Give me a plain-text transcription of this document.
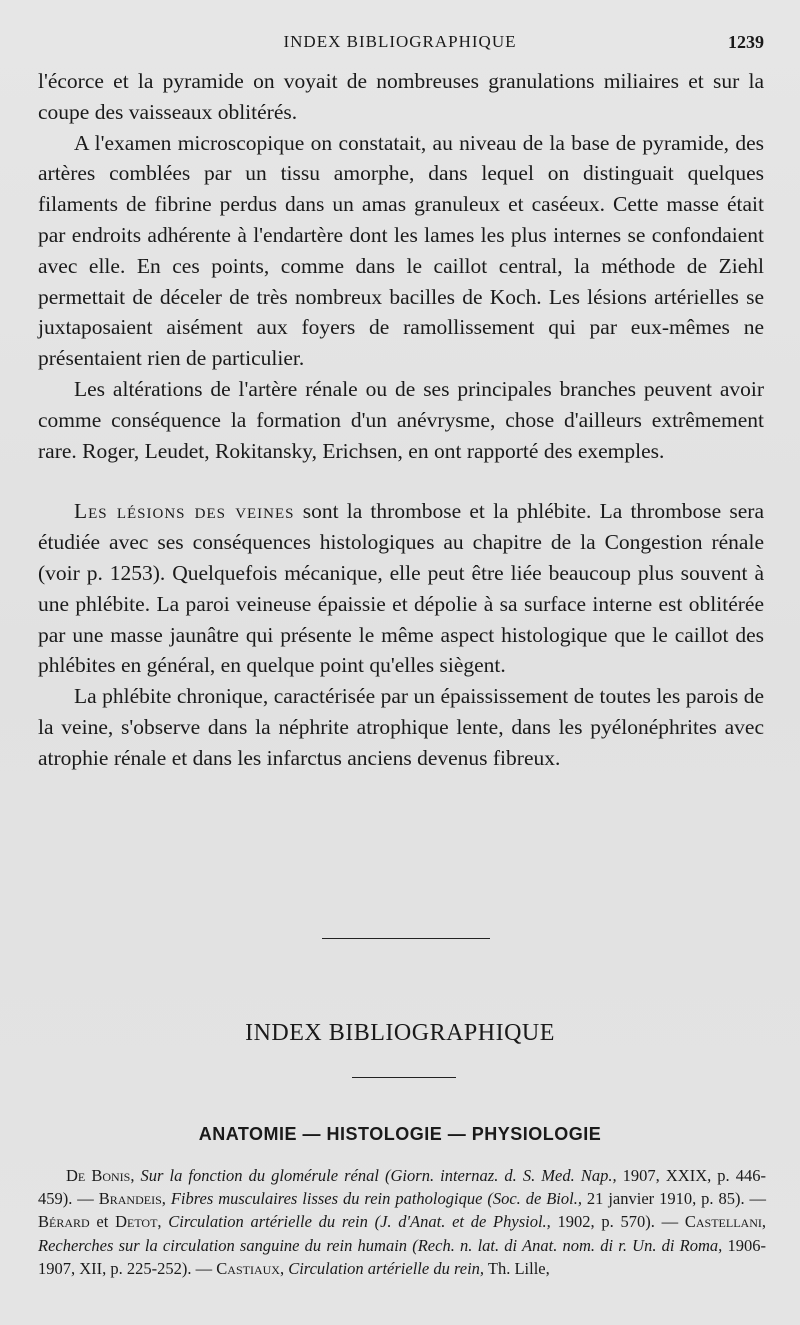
INDEX BIBLIOGRAPHIQUE	1239

l'écorce et la pyramide on voyait de nombreuses granulations miliaires et sur la coupe des vaisseaux oblitérés.

A l'examen microscopique on constatait, au niveau de la base de pyramide, des artères comblées par un tissu amorphe, dans lequel on distinguait quelques filaments de fibrine perdus dans un amas granuleux et caséeux. Cette masse était par endroits adhérente à l'endartère dont les lames les plus internes se confondaient avec elle. En ces points, comme dans le caillot central, la méthode de Ziehl permettait de déceler de très nombreux bacilles de Koch. Les lésions artérielles se juxtaposaient aisément aux foyers de ramollissement qui par eux-mêmes ne présentaient rien de particulier.

Les altérations de l'artère rénale ou de ses principales branches peuvent avoir comme conséquence la formation d'un anévrysme, chose d'ailleurs extrêmement rare. Roger, Leudet, Rokitansky, Erichsen, en ont rapporté des exemples.

Les lésions des veines sont la thrombose et la phlébite. La thrombose sera étudiée avec ses conséquences histologiques au chapitre de la Congestion rénale (voir p. 1253). Quelquefois mécanique, elle peut être liée beaucoup plus souvent à une phlébite. La paroi veineuse épaissie et dépolie à sa surface interne est oblitérée par une masse jaunâtre qui présente le même aspect histologique que le caillot des phlébites en général, en quelque point qu'elles siègent.

La phlébite chronique, caractérisée par un épaississement de toutes les parois de la veine, s'observe dans la néphrite atrophique lente, dans les pyélonéphrites avec atrophie rénale et dans les infarctus anciens devenus fibreux.

INDEX BIBLIOGRAPHIQUE
ANATOMIE — HISTOLOGIE — PHYSIOLOGIE

De Bonis, Sur la fonction du glomérule rénal (Giorn. internaz. d. S. Med. Nap., 1907, XXIX, p. 446-459). — Brandeis, Fibres musculaires lisses du rein pathologique (Soc. de Biol., 21 janvier 1910, p. 85). — Bérard et Detot, Circulation artérielle du rein (J. d'Anat. et de Physiol., 1902, p. 570). — Castellani, Recherches sur la circulation sanguine du rein humain (Rech. n. lat. di Anat. nom. di r. Un. di Roma, 1906-1907, XII, p. 225-252). — Castiaux, Circulation artérielle du rein, Th. Lille,
